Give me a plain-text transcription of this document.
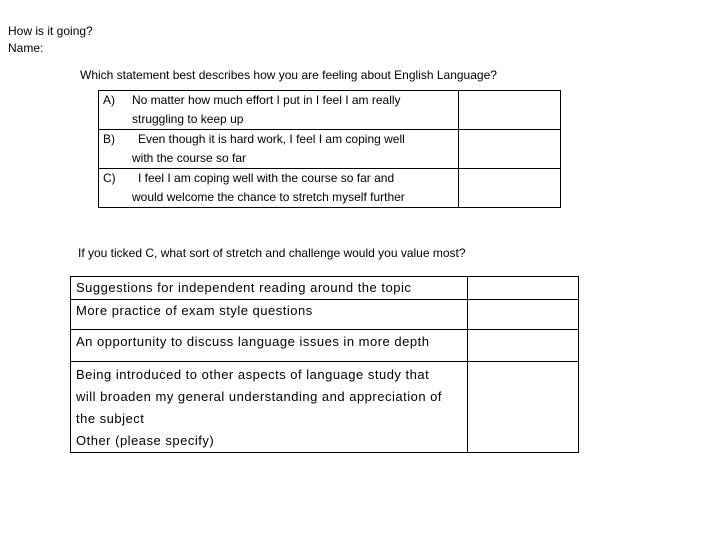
How is it going?
Name:
Which statement best describes how you are feeling about English Language?
A) No matter how much effort I put in I feel I am really
struggling to keep up	

B) Even though it is hard work, I feel I am coping well
with the course so far	

C) I feel I am coping well with the course so far and
would welcome the chance to stretch myself further	

If you ticked C, what sort of stretch and challenge would you value most?
Suggestions for independent reading around the topic	

More practice of exam style questions	

An opportunity to discuss language issues in more depth	

Being introduced to other aspects of language study that
will broaden my general understanding and appreciation of
the subject
Other (please specify)	
